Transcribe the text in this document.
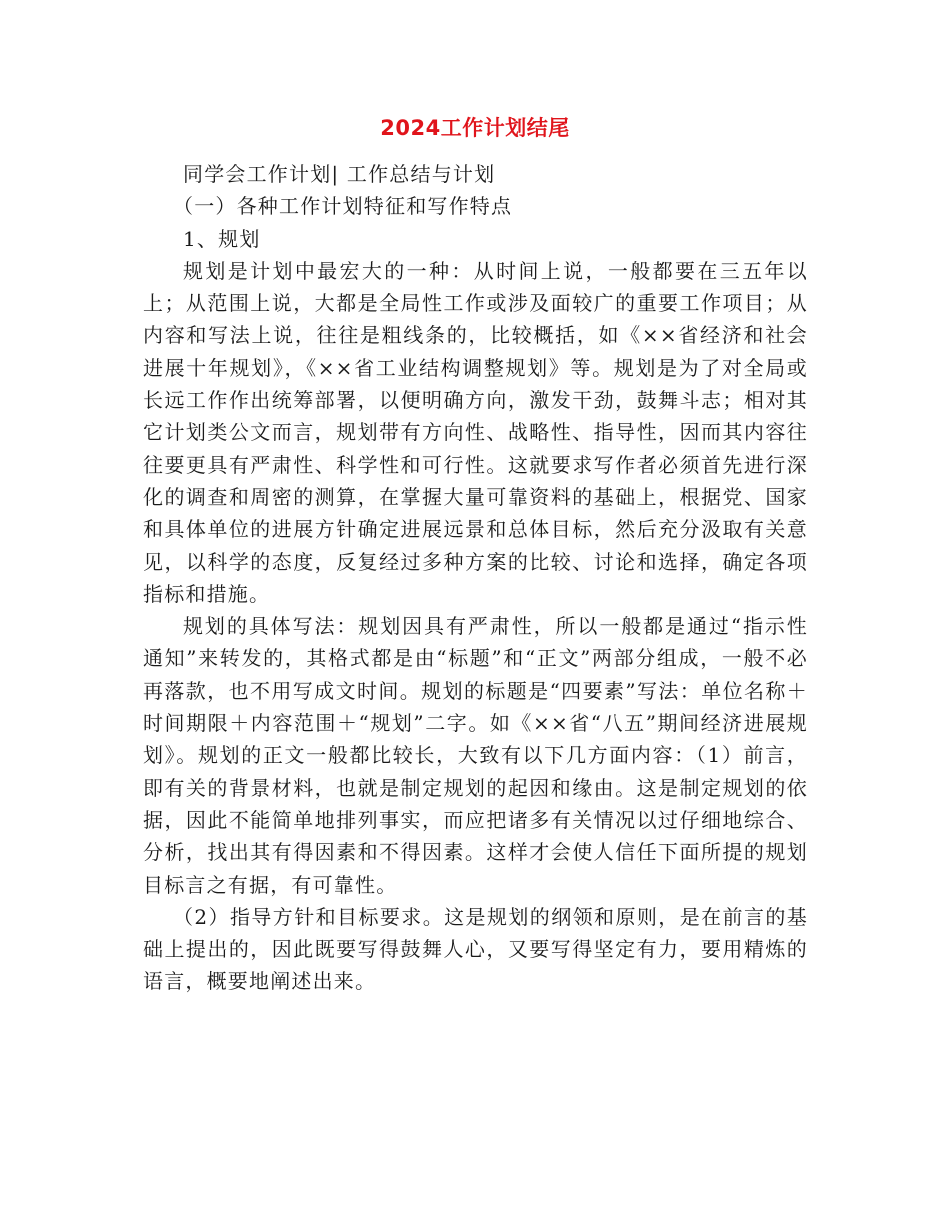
2024工作计划结尾

同学会工作计划| 工作总结与计划

（一）各种工作计划特征和写作特点

1、规划

规划是计划中最宏大的一种：从时间上说，一般都要在三五年以上；从范围上说，大都是全局性工作或涉及面较广的重要工作项目；从内容和写法上说，往往是粗线条的，比较概括，如《××省经济和社会进展十年规划》，《××省工业结构调整规划》等。规划是为了对全局或长远工作作出统筹部署，以便明确方向，激发干劲，鼓舞斗志；相对其它计划类公文而言，规划带有方向性、战略性、指导性，因而其内容往往要更具有严肃性、科学性和可行性。这就要求写作者必须首先进行深化的调查和周密的测算，在掌握大量可靠资料的基础上，根据党、国家和具体单位的进展方针确定进展远景和总体目标，然后充分汲取有关意见，以科学的态度，反复经过多种方案的比较、讨论和选择，确定各项指标和措施。

规划的具体写法：规划因具有严肃性，所以一般都是通过“指示性通知”来转发的，其格式都是由“标题”和“正文”两部分组成，一般不必再落款，也不用写成文时间。规划的标题是“四要素”写法：单位名称＋时间期限＋内容范围＋“规划”二字。如《××省“八五”期间经济进展规划》。规划的正文一般都比较长，大致有以下几方面内容：（1）前言，即有关的背景材料，也就是制定规划的起因和缘由。这是制定规划的依据，因此不能简单地排列事实，而应把诸多有关情况以过仔细地综合、分析，找出其有得因素和不得因素。这样才会使人信任下面所提的规划目标言之有据，有可靠性。

（2）指导方针和目标要求。这是规划的纲领和原则，是在前言的基础上提出的，因此既要写得鼓舞人心，又要写得坚定有力，要用精炼的语言，概要地阐述出来。
